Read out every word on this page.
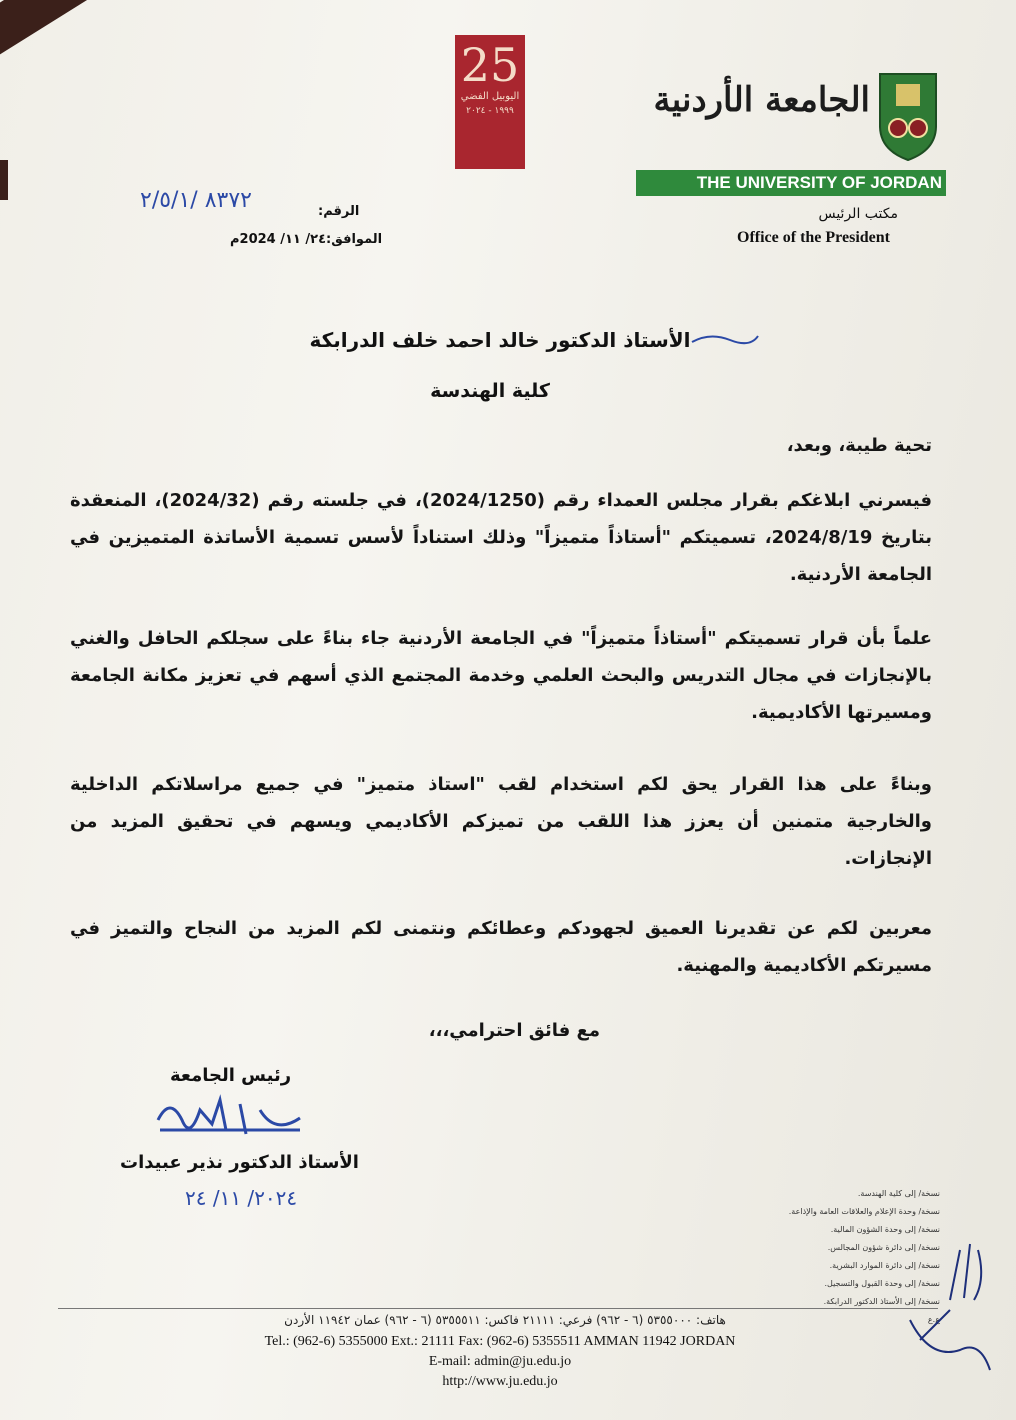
25
اليوبيل الفضي
١٩٩٩ - ٢٠٢٤	الجامعة الأردنية
THE UNIVERSITY OF JORDAN
٨٣٧٢ /٢/٥/١	الرقم:
الموافق:٢٤/ ١١/ 2024م
مكتب الرئيس
Office of the President
الأستاذ الدكتور خالد احمد خلف الدرابكة
كلية الهندسة
تحية طيبة، وبعد،
فيسرني ابلاغكم بقرار مجلس العمداء رقم (2024/1250)، في جلسته رقم (2024/32)، المنعقدة بتاريخ 2024/8/19، تسميتكم "أستاذاً متميزاً" وذلك استناداً لأسس تسمية الأساتذة المتميزين في الجامعة الأردنية.
علماً بأن قرار تسميتكم "أستاذاً متميزاً" في الجامعة الأردنية جاء بناءً على سجلكم الحافل والغني بالإنجازات في مجال التدريس والبحث العلمي وخدمة المجتمع الذي أسهم في تعزيز مكانة الجامعة ومسيرتها الأكاديمية.
وبناءً على هذا القرار يحق لكم استخدام لقب "استاذ متميز" في جميع مراسلاتكم الداخلية والخارجية متمنين أن يعزز هذا اللقب من تميزكم الأكاديمي ويسهم في تحقيق المزيد من الإنجازات.
معربين لكم عن تقديرنا العميق لجهودكم وعطائكم ونتمنى لكم المزيد من النجاح والتميز في مسيرتكم الأكاديمية والمهنية.
مع فائق احترامي،،،
رئيس الجامعة
الأستاذ الدكتور نذير عبيدات
٢٠٢٤/ ١١/ ٢٤	نسخة/ إلى كلية الهندسة.
نسخة/ وحدة الإعلام والعلاقات العامة والإذاعة.
نسخة/ إلى وحدة الشؤون المالية.
نسخة/ إلى دائرة شؤون المجالس.
نسخة/ إلى دائرة الموارد البشرية.
نسخة/ إلى وحدة القبول والتسجيل.
نسخة/ إلى الأستاذ الدكتور الدرابكة.
ع.ع
هاتف: ٥٣٥٥٠٠٠ (٦ - ٩٦٢) فرعي: ٢١١١١ فاكس: ٥٣٥٥٥١١ (٦ - ٩٦٢) عمان ١١٩٤٢ الأردن
Tel.: (962-6) 5355000 Ext.: 21111 Fax: (962-6) 5355511 AMMAN 11942 JORDAN
E-mail: admin@ju.edu.jo
http://www.ju.edu.jo
